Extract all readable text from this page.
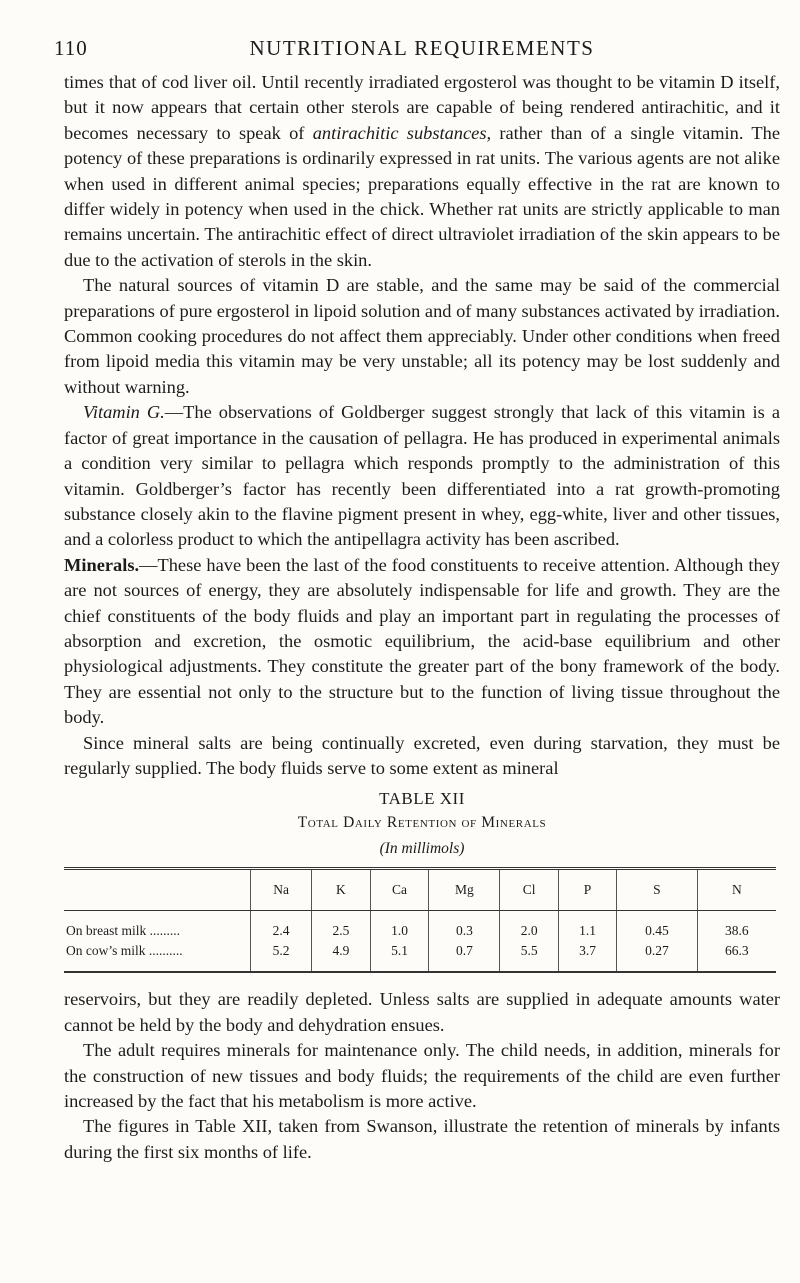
110	NUTRITIONAL REQUIREMENTS

times that of cod liver oil. Until recently irradiated ergosterol was thought to be vitamin D itself, but it now appears that certain other sterols are capable of being rendered antirachitic, and it becomes necessary to speak of antirachitic substances, rather than of a single vitamin. The potency of these preparations is ordinarily expressed in rat units. The various agents are not alike when used in different animal species; preparations equally effective in the rat are known to differ widely in potency when used in the chick. Whether rat units are strictly applicable to man remains uncertain. The antirachitic effect of direct ultraviolet irradiation of the skin appears to be due to the activation of sterols in the skin.

The natural sources of vitamin D are stable, and the same may be said of the commercial preparations of pure ergosterol in lipoid solution and of many substances activated by irradiation. Common cooking procedures do not affect them appreciably. Under other conditions when freed from lipoid media this vitamin may be very unstable; all its potency may be lost suddenly and without warning.

Vitamin G.—The observations of Goldberger suggest strongly that lack of this vitamin is a factor of great importance in the causation of pellagra. He has produced in experimental animals a condition very similar to pellagra which responds promptly to the administration of this vitamin. Goldberger’s factor has recently been differentiated into a rat growth-promoting substance closely akin to the flavine pigment present in whey, egg-white, liver and other tissues, and a colorless product to which the antipellagra activity has been ascribed.

Minerals.—These have been the last of the food constituents to receive attention. Although they are not sources of energy, they are absolutely indispensable for life and growth. They are the chief constituents of the body fluids and play an important part in regulating the processes of absorption and excretion, the osmotic equilibrium, the acid-base equilibrium and other physiological adjustments. They constitute the greater part of the bony framework of the body. They are essential not only to the structure but to the function of living tissue throughout the body.

Since mineral salts are being continually excreted, even during starvation, they must be regularly supplied. The body fluids serve to some extent as mineral

TABLE XII
Total Daily Retention of Minerals
(In millimols)
	Na	K	Ca	Mg	Cl	P	S	N
On breast milk .........	2.4	2.5	1.0	0.3	2.0	1.1	0.45	38.6
On cow’s milk ..........	5.2	4.9	5.1	0.7	5.5	3.7	0.27	66.3

reservoirs, but they are readily depleted. Unless salts are supplied in adequate amounts water cannot be held by the body and dehydration ensues.

The adult requires minerals for maintenance only. The child needs, in addition, minerals for the construction of new tissues and body fluids; the requirements of the child are even further increased by the fact that his metabolism is more active.

The figures in Table XII, taken from Swanson, illustrate the retention of minerals by infants during the first six months of life.
